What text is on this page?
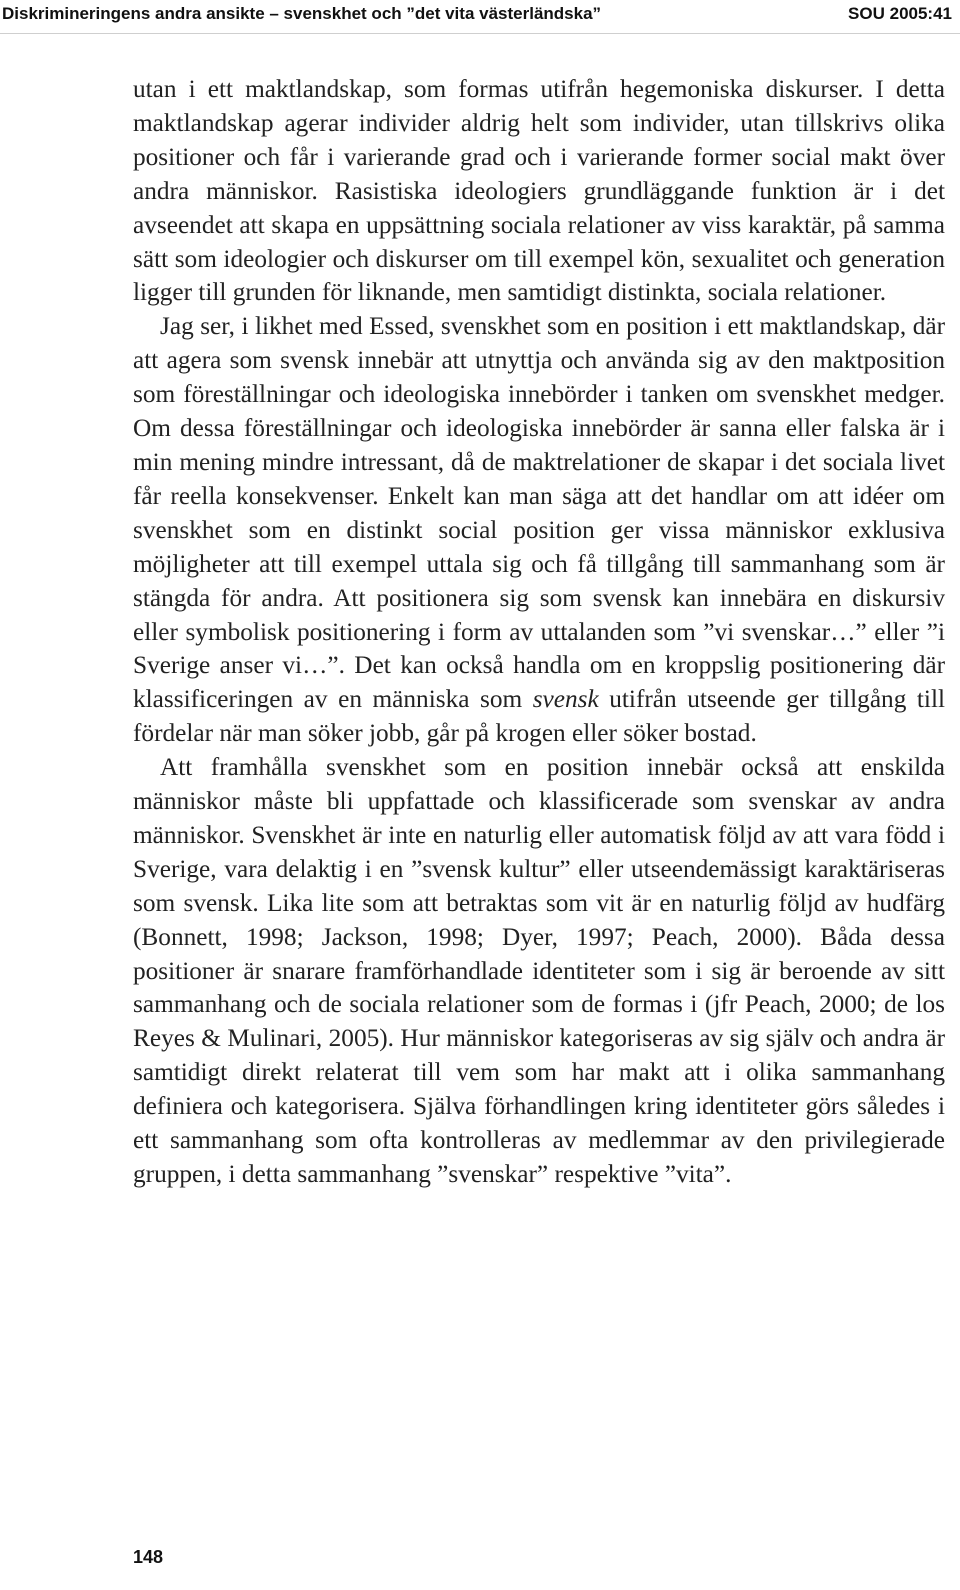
Diskrimineringens andra ansikte – svenskhet och ”det vita västerländska”	SOU 2005:41

utan i ett maktlandskap, som formas utifrån hegemoniska diskurser. I detta maktlandskap agerar individer aldrig helt som individer, utan tillskrivs olika positioner och får i varierande grad och i varierande former social makt över andra människor. Rasistiska ideologiers grundläggande funktion är i det avseendet att skapa en uppsättning sociala relationer av viss karaktär, på samma sätt som ideologier och diskurser om till exempel kön, sexualitet och generation ligger till grunden för liknande, men samtidigt distinkta, sociala relationer.

Jag ser, i likhet med Essed, svenskhet som en position i ett maktlandskap, där att agera som svensk innebär att utnyttja och använda sig av den maktposition som föreställningar och ideologiska innebörder i tanken om svenskhet medger. Om dessa föreställningar och ideologiska innebörder är sanna eller falska är i min mening mindre intressant, då de maktrelationer de skapar i det sociala livet får reella konsekvenser. Enkelt kan man säga att det handlar om att idéer om svenskhet som en distinkt social position ger vissa människor exklusiva möjligheter att till exempel uttala sig och få tillgång till sammanhang som är stängda för andra. Att positionera sig som svensk kan innebära en diskursiv eller symbolisk positionering i form av uttalanden som ”vi svenskar…” eller ”i Sverige anser vi…”. Det kan också handla om en kroppslig positionering där klassificeringen av en människa som svensk utifrån utseende ger tillgång till fördelar när man söker jobb, går på krogen eller söker bostad.

Att framhålla svenskhet som en position innebär också att enskilda människor måste bli uppfattade och klassificerade som svenskar av andra människor. Svenskhet är inte en naturlig eller automatisk följd av att vara född i Sverige, vara delaktig i en ”svensk kultur” eller utseendemässigt karaktäriseras som svensk. Lika lite som att betraktas som vit är en naturlig följd av hudfärg (Bonnett, 1998; Jackson, 1998; Dyer, 1997; Peach, 2000). Båda dessa positioner är snarare framförhandlade identiteter som i sig är beroende av sitt sammanhang och de sociala relationer som de formas i (jfr Peach, 2000; de los Reyes & Mulinari, 2005). Hur människor kategoriseras av sig själv och andra är samtidigt direkt relaterat till vem som har makt att i olika sammanhang definiera och kategorisera. Själva förhandlingen kring identiteter görs således i ett sammanhang som ofta kontrolleras av medlemmar av den privilegierade gruppen, i detta sammanhang ”svenskar” respektive ”vita”.

148
